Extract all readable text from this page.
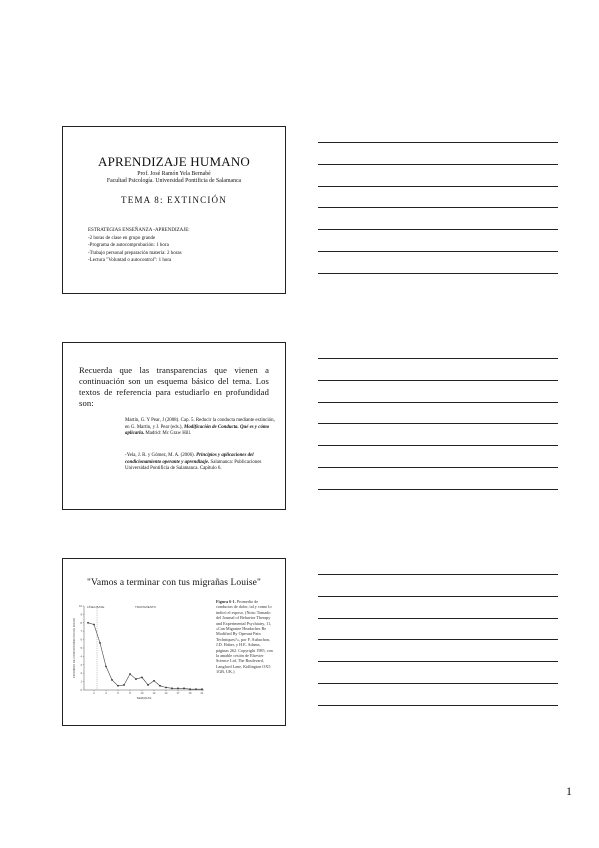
APRENDIZAJE HUMANO
Prof. José Ramón Yela Bernabé
Facultad Psicología. Universidad Pontificia de Salamanca
TEMA 8: EXTINCIÓN
ESTRATEGIAS ENSEÑANZA -APRENDIZAJE:
-2 horas de clase en grupo grande
-Programa de autocomprobación: 1 hora
-Trabajo personal preparación materia: 2 horas
-Lectura "Voluntad o autocontrol": 1 hora
Recuerda que las transparencias que vienen a continuación son un esquema básico del tema. Los textos de referencia para estudiarlo en profundidad son:
Martin, G. Y Pear, J (2008). Cap. 5. Reducir la conducta mediante extinción, en G. Martin, y J. Pear (eds.), Modificación de Conducta. Qué es y cómo aplicarla. Madrid: Mc Graw Hill.
-Yela, J. R. y Gómez, M. A. (2006). Principios y aplicaciones del condicionamiento operante y aprendizaje. Salamanca: Publicaciones Universidad Pontificia de Salamanca. Capítulo 6.
"Vamos a terminar con tus migrañas Louise"
0
1
2
3
4
5
6
7
8
9
10
2	4	6	8	10	12	14	17	19	21
PROMEDIO DE COMPORTAMIENTOS DE DOLOR
SEMANAS
LÍNEA BASE	TRATAMIENTO
Figura 6-1. Promedio de conductas de dolor, tal y como lo indicó el esposo. (Nota: Tomado del Journal of Behavior Therapy and Experimental Psychiatry, 11, «Can Migraine Headaches Be Modified By Operant Pain Techniques?», por F. Aubuchon, J.D. Haber, y H.E. Adams, páginas 262. Copyright 1985, con la amable cesión de Elsevier Science Ltd, The Boulevard, Langford Lane, Kidlington OX5 1GB, UK.)
1
